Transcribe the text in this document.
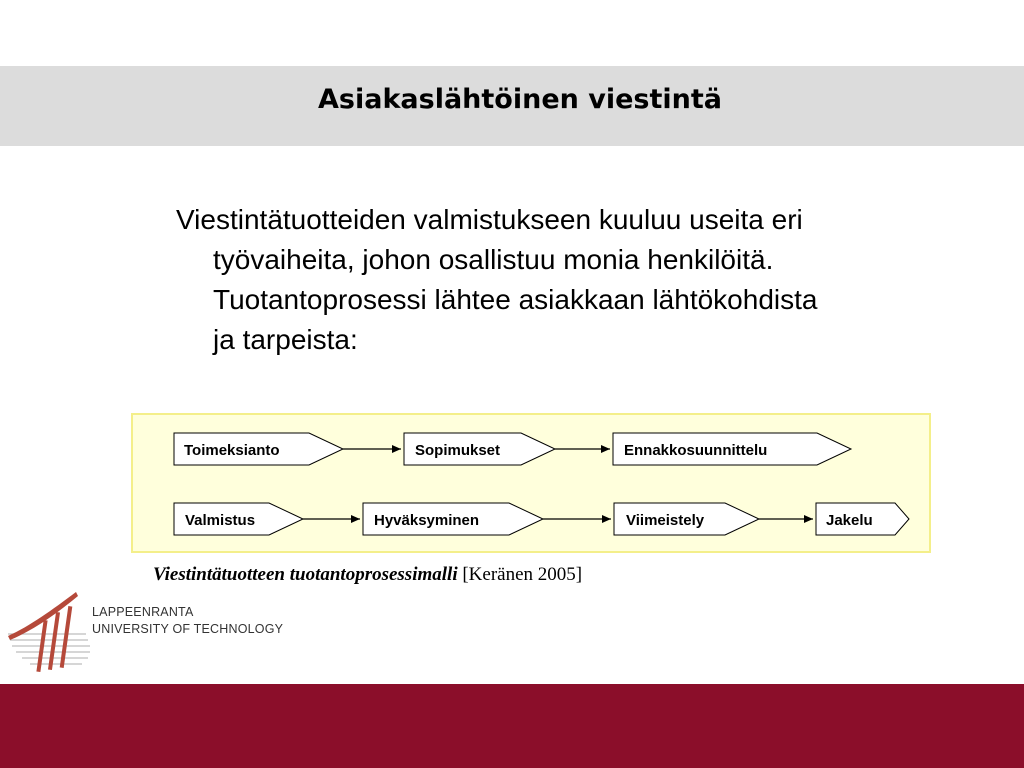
Asiakaslähtöinen viestintä

Viestintätuotteiden valmistukseen kuuluu useita eri
työvaiheita, johon osallistuu monia henkilöitä.
Tuotantoprosessi lähtee asiakkaan lähtökohdista
ja tarpeista:

Toimeksianto	Sopimukset	Ennakkosuunnittelu
Valmistus	Hyväksyminen	Viimeistely	Jakelu
Viestintätuotteen tuotantoprosessimalli [Keränen 2005]
LAPPEENRANTA
UNIVERSITY OF TECHNOLOGY
